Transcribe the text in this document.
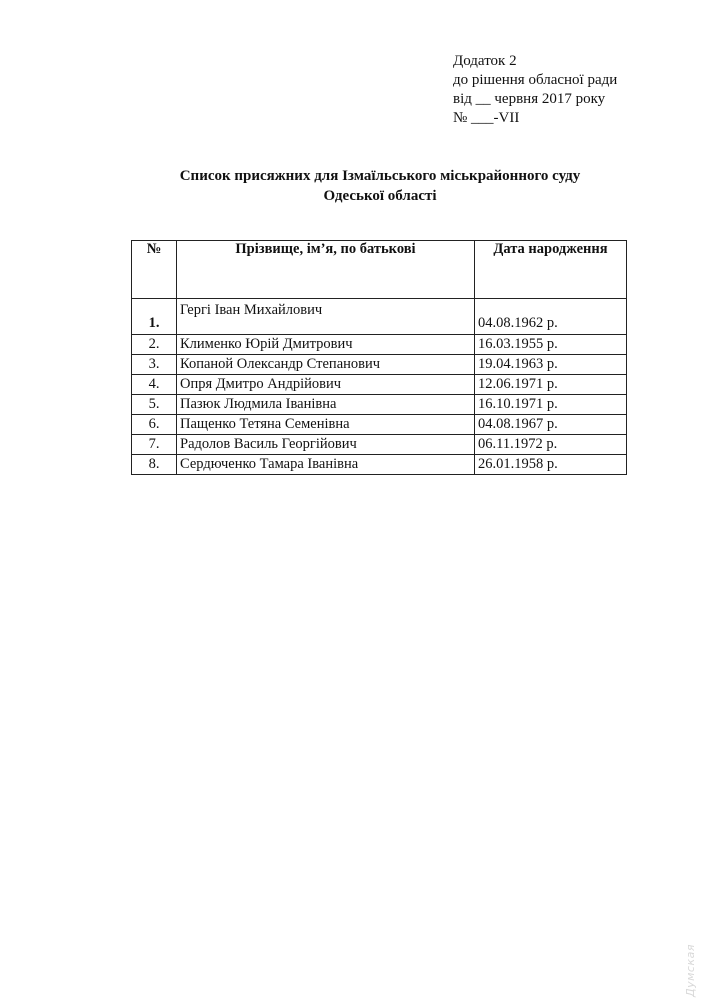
Додаток 2
до рішення обласної ради
від __ червня 2017 року
№ ___-VII
Список присяжних для Ізмаїльського міськрайонного суду
Одеської області
№	Прізвище, ім’я, по батькові	Дата народження
1.	Гергі Іван Михайлович	04.08.1962 р.
2.	Клименко Юрій Дмитрович	16.03.1955 р.
3.	Копаной Олександр Степанович	19.04.1963 р.
4.	Опря Дмитро Андрійович	12.06.1971 р.
5.	Пазюк Людмила Іванівна	16.10.1971 р.
6.	Пащенко Тетяна Семенівна	04.08.1967 р.
7.	Радолов Василь Георгійович	06.11.1972 р.
8.	Сердюченко Тамара Іванівна	26.01.1958 р.
Думская
